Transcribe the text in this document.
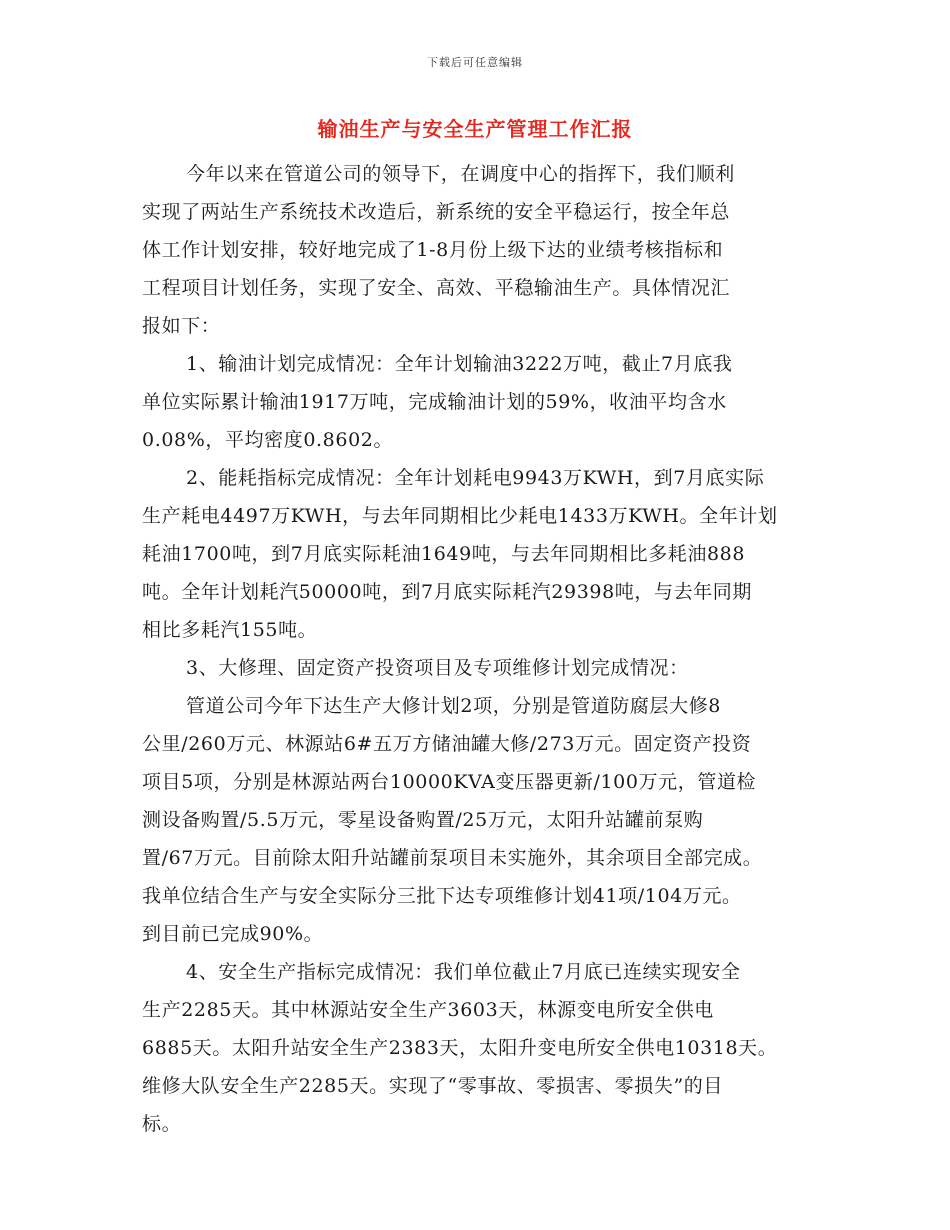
下载后可任意编辑
输油生产与安全生产管理工作汇报
今年以来在管道公司的领导下，在调度中心的指挥下，我们顺利
实现了两站生产系统技术改造后，新系统的安全平稳运行，按全年总
体工作计划安排，较好地完成了1-8月份上级下达的业绩考核指标和
工程项目计划任务，实现了安全、高效、平稳输油生产。具体情况汇
报如下：
1、输油计划完成情况：全年计划输油3222万吨，截止7月底我
单位实际累计输油1917万吨，完成输油计划的59%，收油平均含水
0.08%，平均密度0.8602。
2、能耗指标完成情况：全年计划耗电9943万KWH，到7月底实际
生产耗电4497万KWH，与去年同期相比少耗电1433万KWH。全年计划
耗油1700吨，到7月底实际耗油1649吨，与去年同期相比多耗油888
吨。全年计划耗汽50000吨，到7月底实际耗汽29398吨，与去年同期
相比多耗汽155吨。
3、大修理、固定资产投资项目及专项维修计划完成情况：
管道公司今年下达生产大修计划2项，分别是管道防腐层大修8
公里/260万元、林源站6#五万方储油罐大修/273万元。固定资产投资
项目5项，分别是林源站两台10000KVA变压器更新/100万元，管道检
测设备购置/5.5万元，零星设备购置/25万元，太阳升站罐前泵购
置/67万元。目前除太阳升站罐前泵项目未实施外，其余项目全部完成。
我单位结合生产与安全实际分三批下达专项维修计划41项/104万元。
到目前已完成90%。
4、安全生产指标完成情况：我们单位截止7月底已连续实现安全
生产2285天。其中林源站安全生产3603天，林源变电所安全供电
6885天。太阳升站安全生产2383天，太阳升变电所安全供电10318天。
维修大队安全生产2285天。实现了“零事故、零损害、零损失”的目
标。
